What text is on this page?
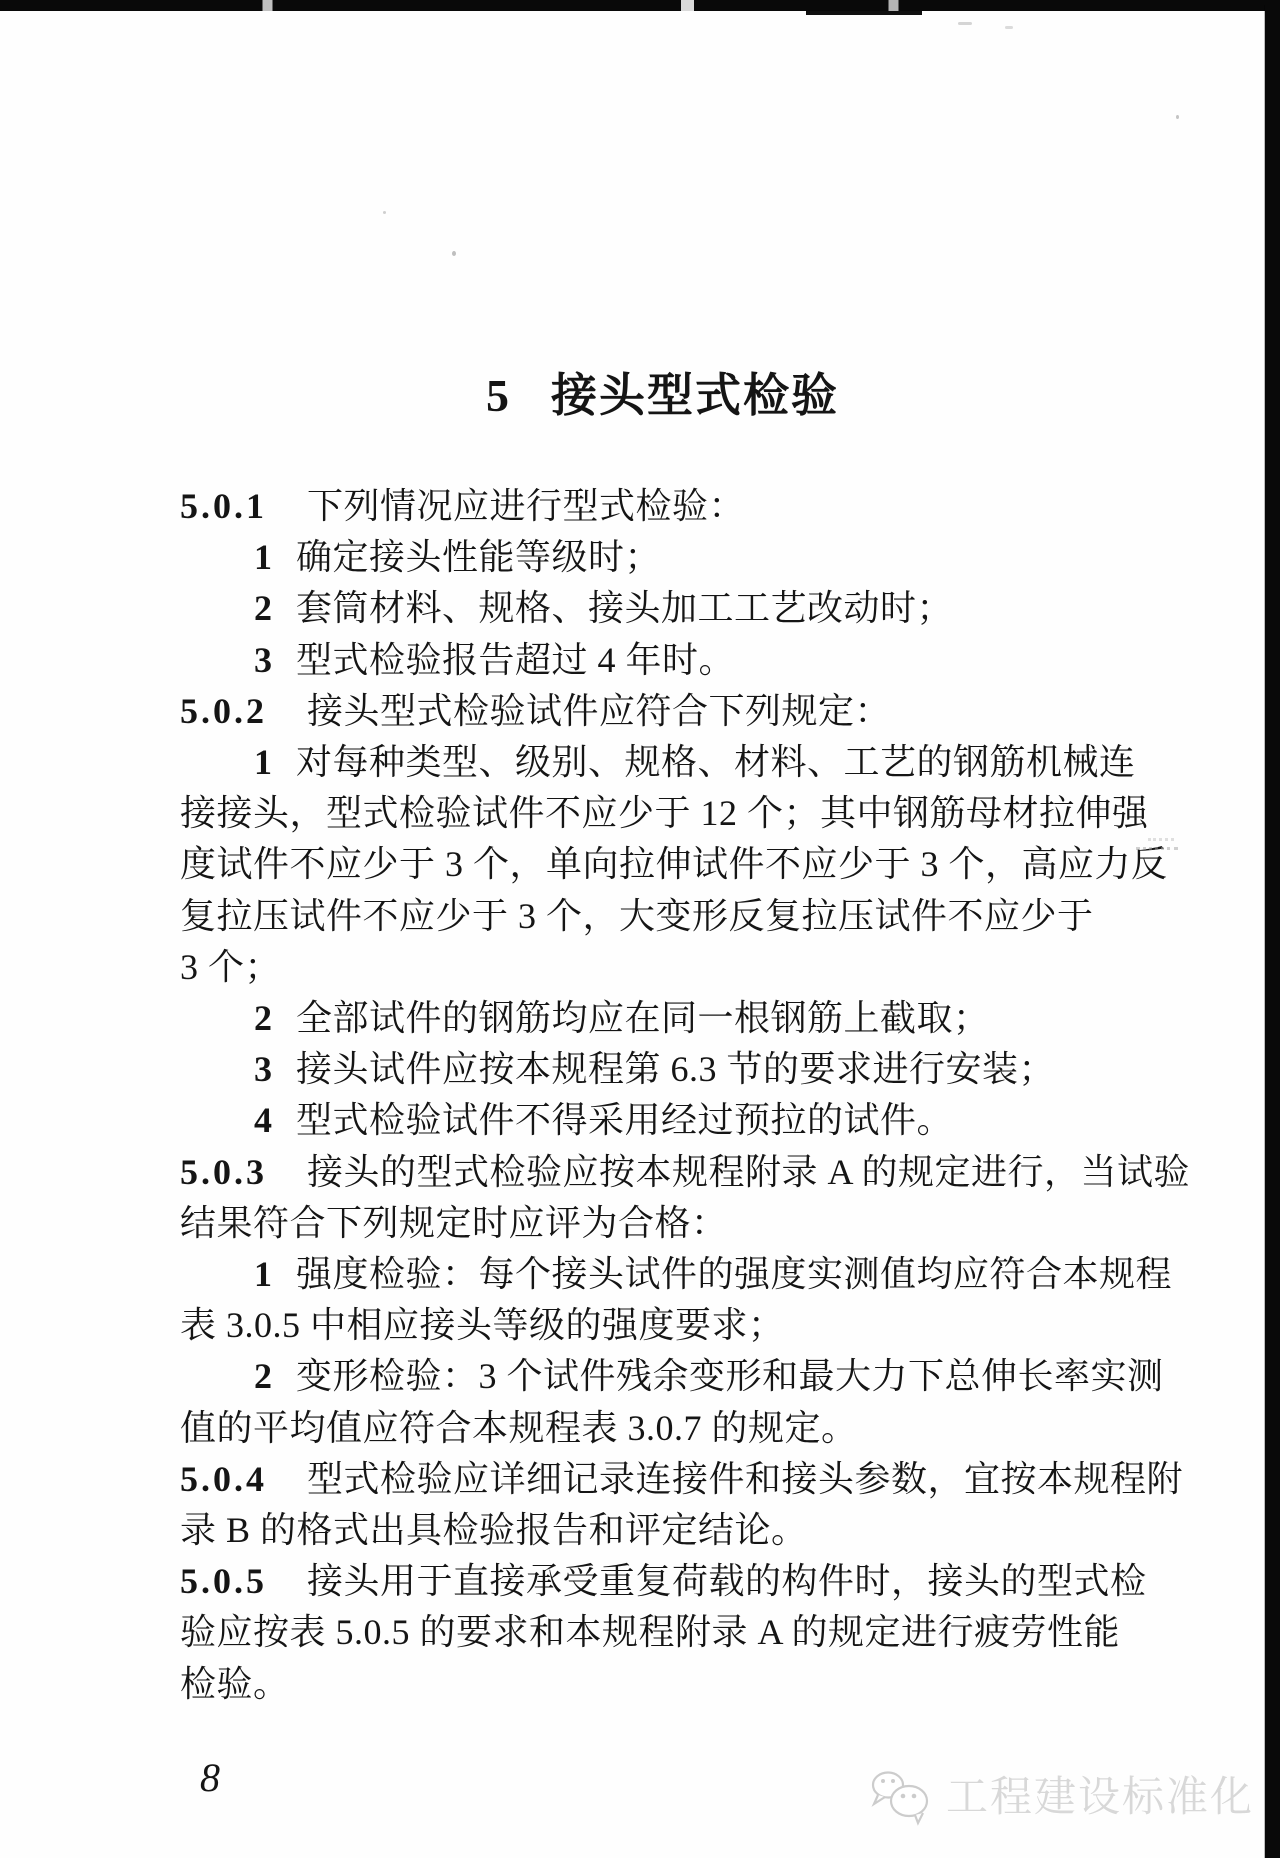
5 接头型式检验
5.0.1 下列情况应进行型式检验：
1 确定接头性能等级时；
2 套筒材料、规格、接头加工工艺改动时；
3 型式检验报告超过 4 年时。
5.0.2 接头型式检验试件应符合下列规定：
1 对每种类型、级别、规格、材料、工艺的钢筋机械连
接接头，型式检验试件不应少于 12 个；其中钢筋母材拉伸强
度试件不应少于 3 个，单向拉伸试件不应少于 3 个，高应力反
复拉压试件不应少于 3 个，大变形反复拉压试件不应少于
3 个；
2 全部试件的钢筋均应在同一根钢筋上截取；
3 接头试件应按本规程第 6.3 节的要求进行安装；
4 型式检验试件不得采用经过预拉的试件。
5.0.3 接头的型式检验应按本规程附录 A 的规定进行，当试验
结果符合下列规定时应评为合格：
1 强度检验：每个接头试件的强度实测值均应符合本规程
表 3.0.5 中相应接头等级的强度要求；
2 变形检验：3 个试件残余变形和最大力下总伸长率实测
值的平均值应符合本规程表 3.0.7 的规定。
5.0.4 型式检验应详细记录连接件和接头参数，宜按本规程附
录 B 的格式出具检验报告和评定结论。
5.0.5 接头用于直接承受重复荷载的构件时，接头的型式检
验应按表 5.0.5 的要求和本规程附录 A 的规定进行疲劳性能
检验。
8	工程建设标准化
